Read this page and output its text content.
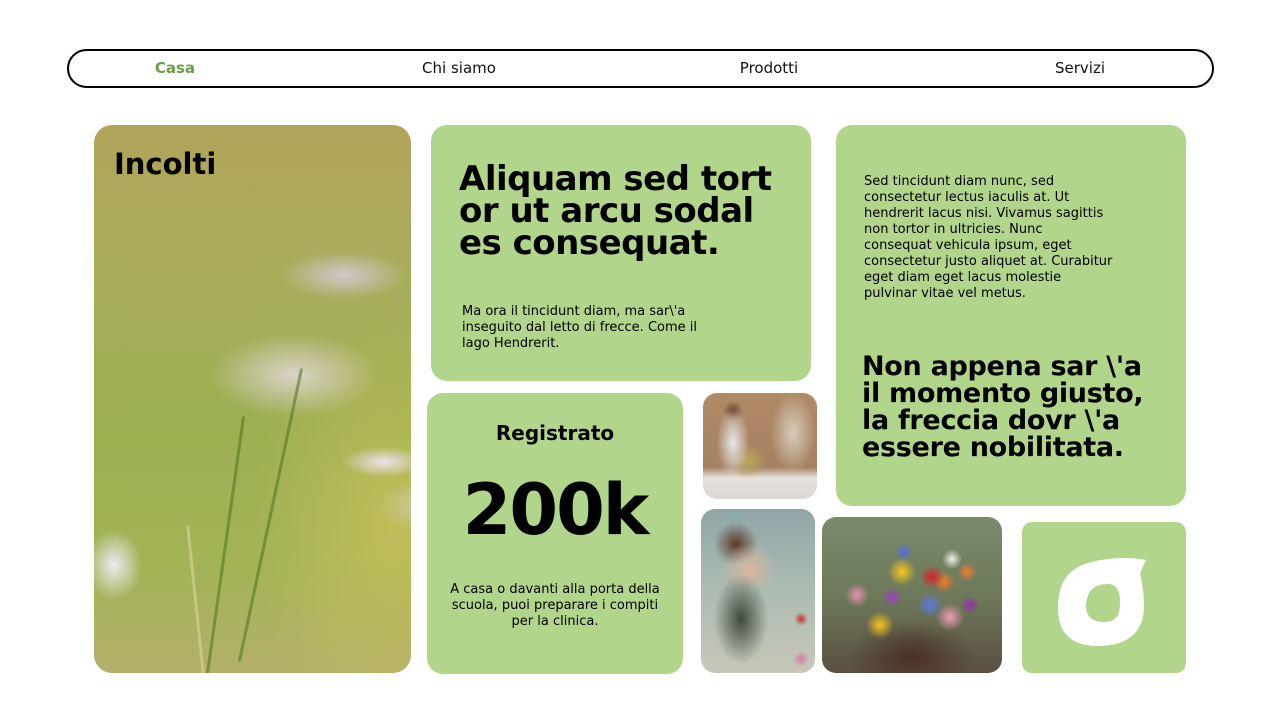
Casa	Chi siamo	Prodotti	Servizi
Incolti	Aliquam sed tort or ut arcu sodal es consequat.
Ma ora il tincidunt diam, ma sar\'a inseguito dal letto di frecce. Come il lago Hendrerit.
Sed tincidunt diam nunc, sed consectetur lectus iaculis at. Ut hendrerit lacus nisi. Vivamus sagittis non tortor in ultricies. Nunc consequat vehicula ipsum, eget consectetur justo aliquet at. Curabitur eget diam eget lacus molestie pulvinar vitae vel metus.
Non appena sar \'a il momento giusto, la freccia dovr \'a essere nobilitata.
Registrato
200k
A casa o davanti alla porta della scuola, puoi preparare i compiti per la clinica.
